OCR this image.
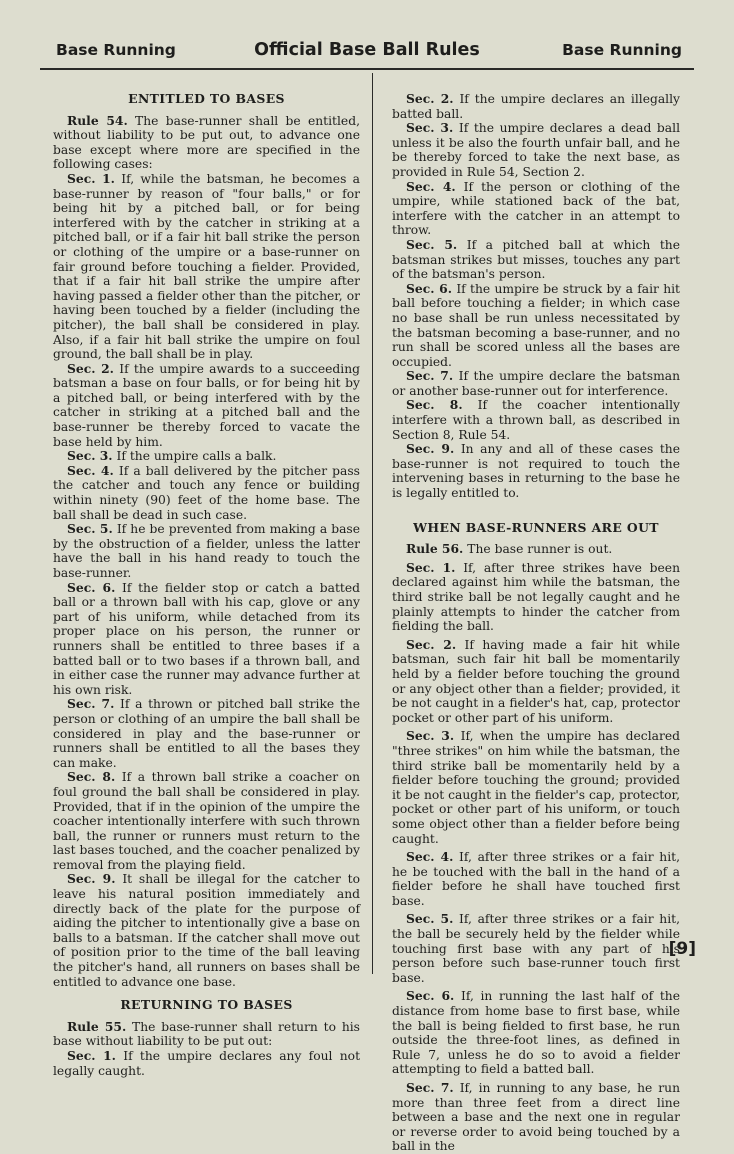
Base Running	Official Base Ball Rules	Base Running
ENTITLED TO BASES

Rule 54. The base-runner shall be entitled, without liability to be put out, to advance one base except where more are specified in the following cases:

Sec. 1. If, while the batsman, he becomes a base-runner by reason of "four balls," or for being hit by a pitched ball, or for being interfered with by the catcher in striking at a pitched ball, or if a fair hit ball strike the person or clothing of the umpire or a base-runner on fair ground before touching a fielder. Provided, that if a fair hit ball strike the umpire after having passed a fielder other than the pitcher, or having been touched by a fielder (including the pitcher), the ball shall be considered in play. Also, if a fair hit ball strike the umpire on foul ground, the ball shall be in play.

Sec. 2. If the umpire awards to a succeeding batsman a base on four balls, or for being hit by a pitched ball, or being interfered with by the catcher in striking at a pitched ball and the base-runner be thereby forced to vacate the base held by him.

Sec. 3. If the umpire calls a balk.

Sec. 4. If a ball delivered by the pitcher pass the catcher and touch any fence or building within ninety (90) feet of the home base. The ball shall be dead in such case.

Sec. 5. If he be prevented from making a base by the obstruction of a fielder, unless the latter have the ball in his hand ready to touch the base-runner.

Sec. 6. If the fielder stop or catch a batted ball or a thrown ball with his cap, glove or any part of his uniform, while detached from its proper place on his person, the runner or runners shall be entitled to three bases if a batted ball or to two bases if a thrown ball, and in either case the runner may advance further at his own risk.

Sec. 7. If a thrown or pitched ball strike the person or clothing of an umpire the ball shall be considered in play and the base-runner or runners shall be entitled to all the bases they can make.

Sec. 8. If a thrown ball strike a coacher on foul ground the ball shall be considered in play. Provided, that if in the opinion of the umpire the coacher intentionally interfere with such thrown ball, the runner or runners must return to the last bases touched, and the coacher penalized by removal from the playing field.

Sec. 9. It shall be illegal for the catcher to leave his natural position immediately and directly back of the plate for the purpose of aiding the pitcher to intentionally give a base on balls to a batsman. If the catcher shall move out of position prior to the time of the ball leaving the pitcher's hand, all runners on bases shall be entitled to advance one base.

RETURNING TO BASES

Rule 55. The base-runner shall return to his base without liability to be put out:

Sec. 1. If the umpire declares any foul not legally caught.

Sec. 2. If the umpire declares an illegally batted ball.

Sec. 3. If the umpire declares a dead ball unless it be also the fourth unfair ball, and he be thereby forced to take the next base, as provided in Rule 54, Section 2.

Sec. 4. If the person or clothing of the umpire, while stationed back of the bat, interfere with the catcher in an attempt to throw.

Sec. 5. If a pitched ball at which the batsman strikes but misses, touches any part of the batsman's person.

Sec. 6. If the umpire be struck by a fair hit ball before touching a fielder; in which case no base shall be run unless necessitated by the batsman becoming a base-runner, and no run shall be scored unless all the bases are occupied.

Sec. 7. If the umpire declare the batsman or another base-runner out for interference.

Sec. 8. If the coacher intentionally interfere with a thrown ball, as described in Section 8, Rule 54.

Sec. 9. In any and all of these cases the base-runner is not required to touch the intervening bases in returning to the base he is legally entitled to.

WHEN BASE-RUNNERS ARE OUT

Rule 56. The base runner is out.

Sec. 1. If, after three strikes have been declared against him while the batsman, the third strike ball be not legally caught and he plainly attempts to hinder the catcher from fielding the ball.

Sec. 2. If having made a fair hit while batsman, such fair hit ball be momentarily held by a fielder before touching the ground or any object other than a fielder; provided, it be not caught in a fielder's hat, cap, protector pocket or other part of his uniform.

Sec. 3. If, when the umpire has declared "three strikes" on him while the batsman, the third strike ball be momentarily held by a fielder before touching the ground; provided it be not caught in the fielder's cap, protector, pocket or other part of his uniform, or touch some object other than a fielder before being caught.

Sec. 4. If, after three strikes or a fair hit, he be touched with the ball in the hand of a fielder before he shall have touched first base.

Sec. 5. If, after three strikes or a fair hit, the ball be securely held by the fielder while touching first base with any part of his person before such base-runner touch first base.

Sec. 6. If, in running the last half of the distance from home base to first base, while the ball is being fielded to first base, he run outside the three-foot lines, as defined in Rule 7, unless he do so to avoid a fielder attempting to field a batted ball.

Sec. 7. If, in running to any base, he run more than three feet from a direct line between a base and the next one in regular or reverse order to avoid being touched by a ball in the

[9]
